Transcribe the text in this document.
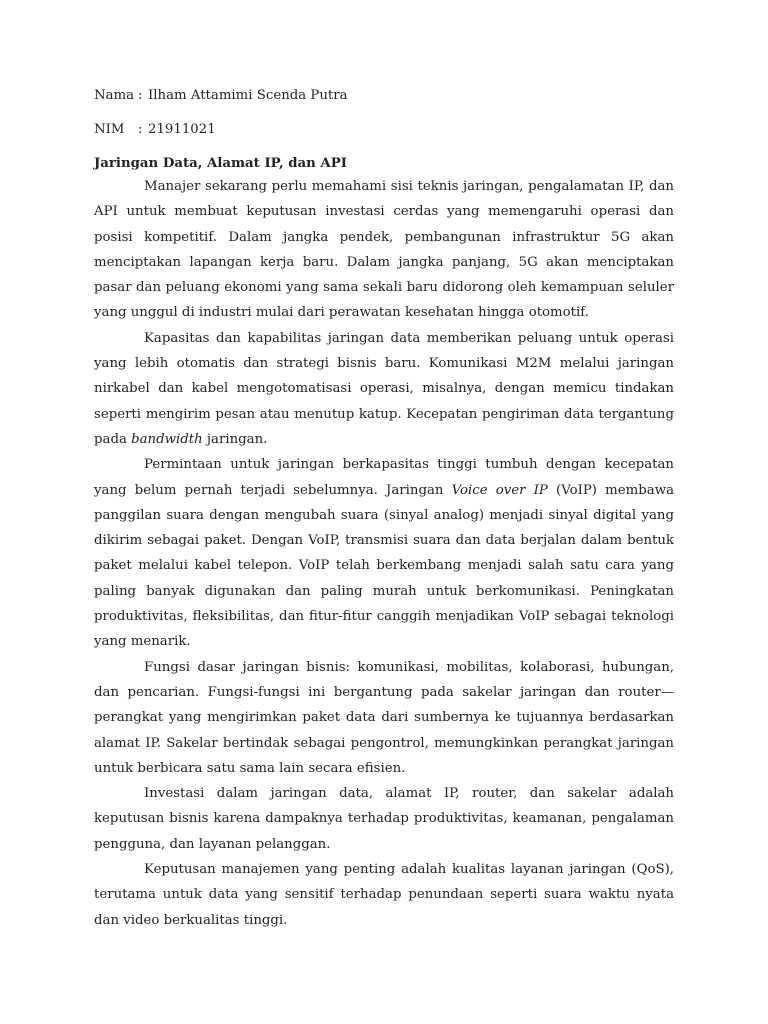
Nama : Ilham Attamimi Scenda Putra
NIM	: 21911021
Jaringan Data, Alamat IP, dan API

Manajer sekarang perlu memahami sisi teknis jaringan, pengalamatan IP, dan API untuk membuat keputusan investasi cerdas yang memengaruhi operasi dan posisi kompetitif. Dalam jangka pendek, pembangunan infrastruktur 5G akan menciptakan lapangan kerja baru. Dalam jangka panjang, 5G akan menciptakan pasar dan peluang ekonomi yang sama sekali baru didorong oleh kemampuan seluler yang unggul di industri mulai dari perawatan kesehatan hingga otomotif.

Kapasitas dan kapabilitas jaringan data memberikan peluang untuk operasi yang lebih otomatis dan strategi bisnis baru. Komunikasi M2M melalui jaringan nirkabel dan kabel mengotomatisasi operasi, misalnya, dengan memicu tindakan seperti mengirim pesan atau menutup katup. Kecepatan pengiriman data tergantung pada bandwidth jaringan.

Permintaan untuk jaringan berkapasitas tinggi tumbuh dengan kecepatan yang belum pernah terjadi sebelumnya. Jaringan Voice over IP (VoIP) membawa panggilan suara dengan mengubah suara (sinyal analog) menjadi sinyal digital yang dikirim sebagai paket. Dengan VoIP, transmisi suara dan data berjalan dalam bentuk paket melalui kabel telepon. VoIP telah berkembang menjadi salah satu cara yang paling banyak digunakan dan paling murah untuk berkomunikasi. Peningkatan produktivitas, fleksibilitas, dan fitur-fitur canggih menjadikan VoIP sebagai teknologi yang menarik.

Fungsi dasar jaringan bisnis: komunikasi, mobilitas, kolaborasi, hubungan, dan pencarian. Fungsi-fungsi ini bergantung pada sakelar jaringan dan router—perangkat yang mengirimkan paket data dari sumbernya ke tujuannya berdasarkan alamat IP. Sakelar bertindak sebagai pengontrol, memungkinkan perangkat jaringan untuk berbicara satu sama lain secara efisien.

Investasi dalam jaringan data, alamat IP, router, dan sakelar adalah keputusan bisnis karena dampaknya terhadap produktivitas, keamanan, pengalaman pengguna, dan layanan pelanggan.

Keputusan manajemen yang penting adalah kualitas layanan jaringan (QoS), terutama untuk data yang sensitif terhadap penundaan seperti suara waktu nyata dan video berkualitas tinggi.
